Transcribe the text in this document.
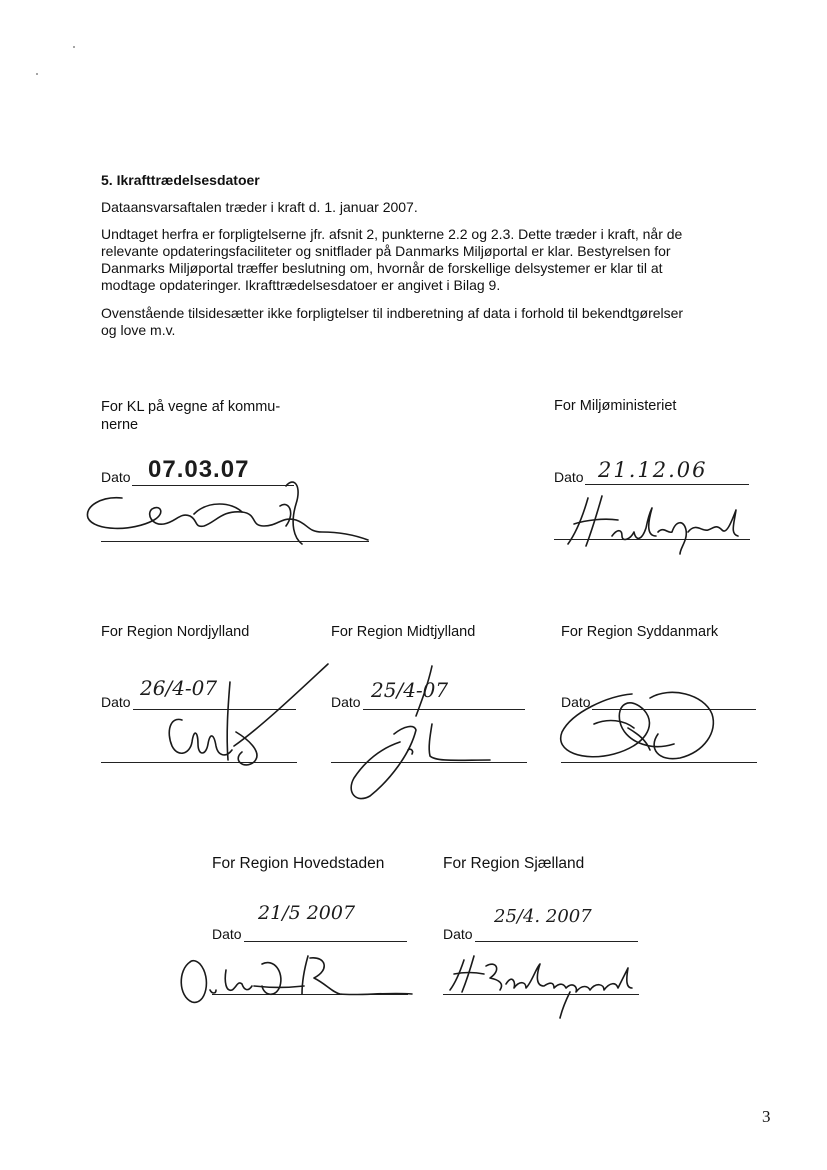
5. Ikrafttrædelsesdatoer
Dataansvarsaftalen træder i kraft d. 1. januar 2007.
Undtaget herfra er forpligtelserne jfr. afsnit 2, punkterne 2.2 og 2.3. Dette træder i kraft, når de
relevante opdateringsfaciliteter og snitflader på Danmarks Miljøportal er klar. Bestyrelsen for
Danmarks Miljøportal træffer beslutning om, hvornår de forskellige delsystemer er klar til at
modtage opdateringer. Ikrafttrædelsesdatoer er angivet i Bilag 9.
Ovenstående tilsidesætter ikke forpligtelser til indberetning af data i forhold til bekendtgørelser
og love m.v.
For KL på vegne af kommu-
nerne
Dato 07.03.07
For Miljøministeriet
Dato 21.12.06
For Region Nordjylland
Dato
26/4-07
For Region Midtjylland
Dato 25/4-07
For Region Syddanmark
Dato
For Region Hovedstaden
Dato
21/5 2007
For Region Sjælland
Dato
25/4. 2007
3
